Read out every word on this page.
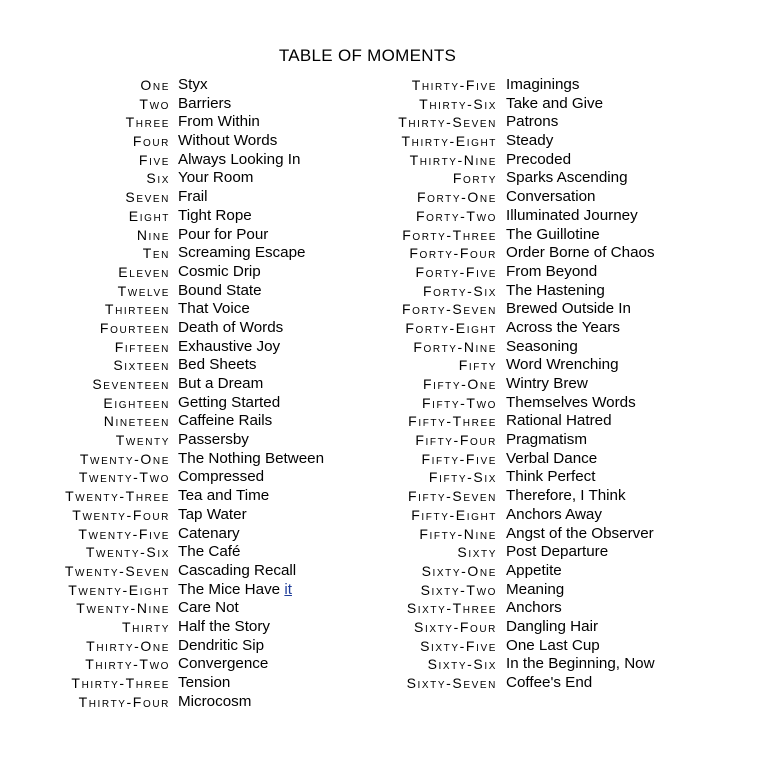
TABLE OF MOMENTS
One Styx
Two Barriers
Three From Within
Four Without Words
Five Always Looking In
Six Your Room
Seven Frail
Eight Tight Rope
Nine Pour for Pour
Ten Screaming Escape
Eleven Cosmic Drip
Twelve Bound State
Thirteen That Voice
Fourteen Death of Words
Fifteen Exhaustive Joy
Sixteen Bed Sheets
Seventeen But a Dream
Eighteen Getting Started
Nineteen Caffeine Rails
Twenty Passersby
Twenty-One The Nothing Between
Twenty-Two Compressed
Twenty-Three Tea and Time
Twenty-Four Tap Water
Twenty-Five Catenary
Twenty-Six The Café
Twenty-Seven Cascading Recall
Twenty-Eight The Mice Have it
Twenty-Nine Care Not
Thirty Half the Story
Thirty-One Dendritic Sip
Thirty-Two Convergence
Thirty-Three Tension
Thirty-Four Microcosm
Thirty-Five Imaginings
Thirty-Six Take and Give
Thirty-Seven Patrons
Thirty-Eight Steady
Thirty-Nine Precoded
Forty Sparks Ascending
Forty-One Conversation
Forty-Two Illuminated Journey
Forty-Three The Guillotine
Forty-Four Order Borne of Chaos
Forty-Five From Beyond
Forty-Six The Hastening
Forty-Seven Brewed Outside In
Forty-Eight Across the Years
Forty-Nine Seasoning
Fifty Word Wrenching
Fifty-One Wintry Brew
Fifty-Two Themselves Words
Fifty-Three Rational Hatred
Fifty-Four Pragmatism
Fifty-Five Verbal Dance
Fifty-Six Think Perfect
Fifty-Seven Therefore, I Think
Fifty-Eight Anchors Away
Fifty-Nine Angst of the Observer
Sixty Post Departure
Sixty-One Appetite
Sixty-Two Meaning
Sixty-Three Anchors
Sixty-Four Dangling Hair
Sixty-Five One Last Cup
Sixty-Six In the Beginning, Now
Sixty-Seven Coffee's End
